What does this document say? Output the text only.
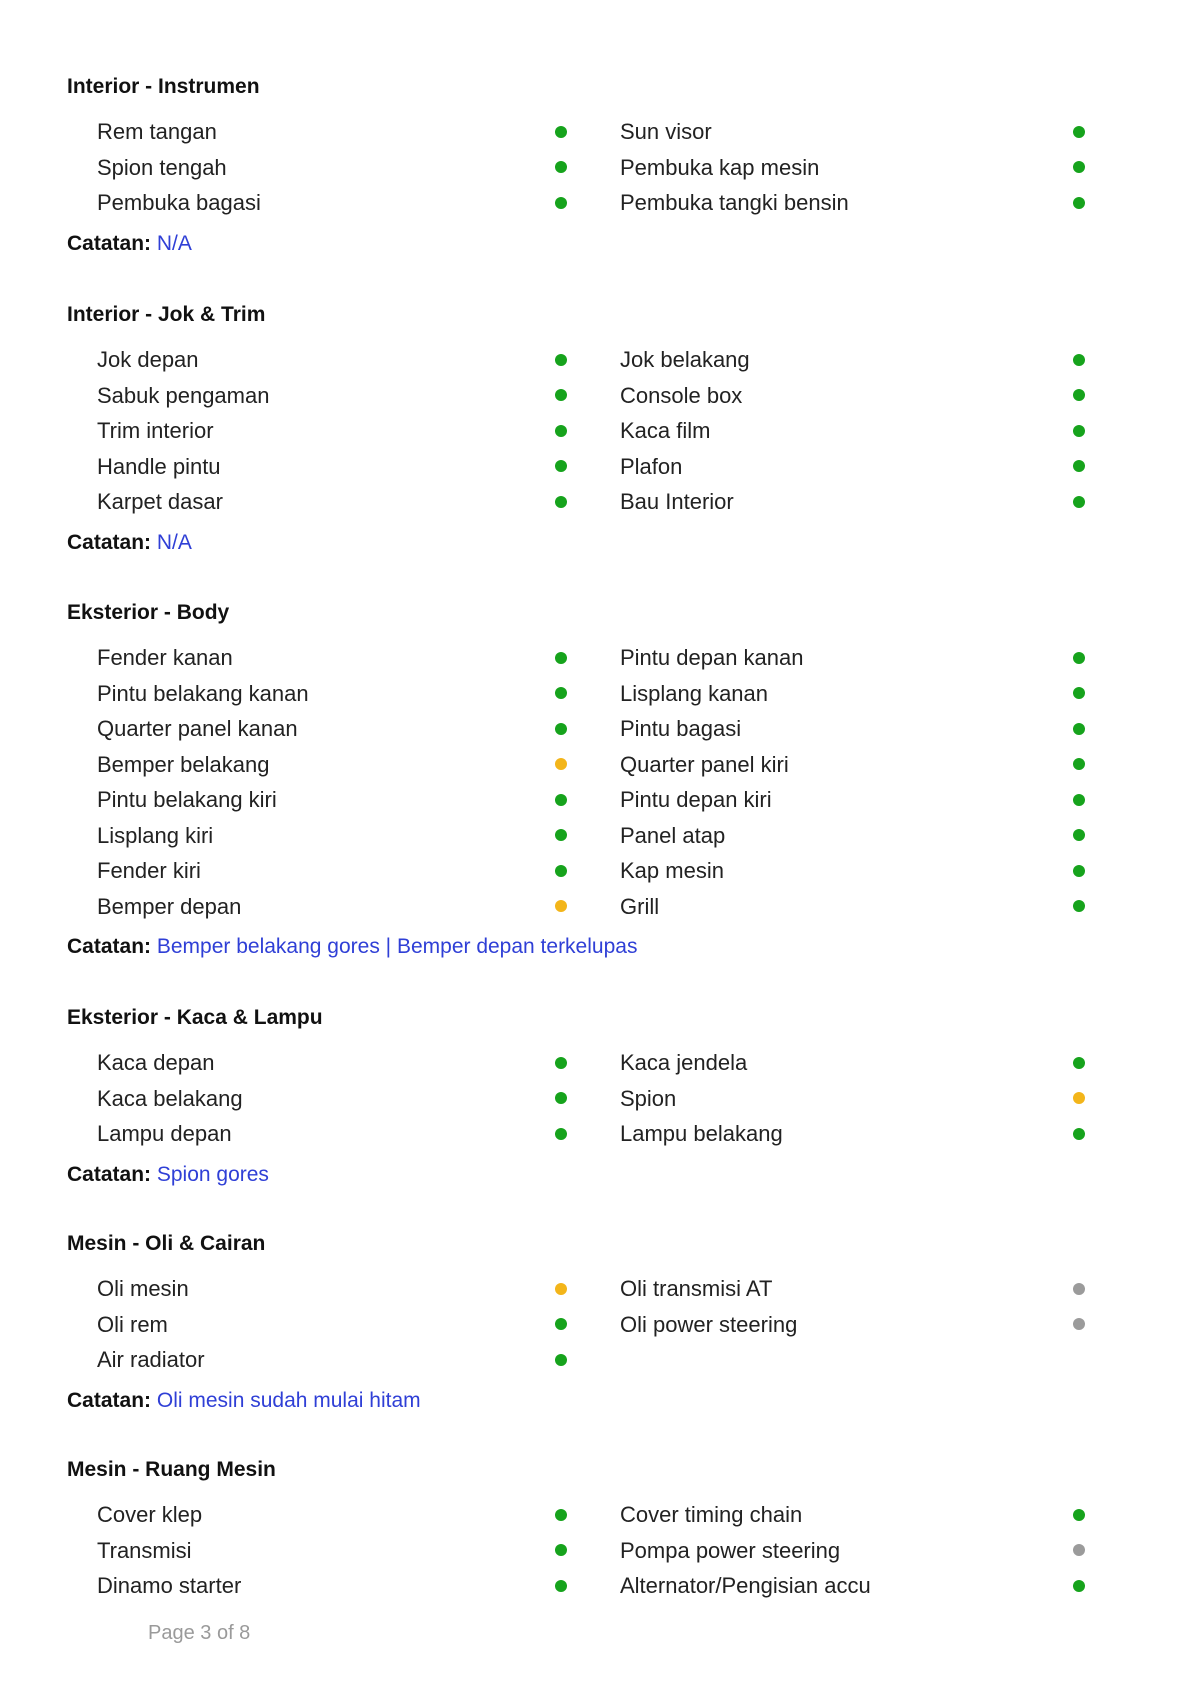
Interior - Instrumen
Rem tangan	Sun visor
Spion tengah	Pembuka kap mesin
Pembuka bagasi	Pembuka tangki bensin
Catatan: N/A
Interior - Jok & Trim
Jok depan	Jok belakang
Sabuk pengaman	Console box
Trim interior	Kaca film
Handle pintu	Plafon
Karpet dasar	Bau Interior
Catatan: N/A
Eksterior - Body
Fender kanan	Pintu depan kanan
Pintu belakang kanan	Lisplang kanan
Quarter panel kanan	Pintu bagasi
Bemper belakang	Quarter panel kiri
Pintu belakang kiri	Pintu depan kiri
Lisplang kiri	Panel atap
Fender kiri	Kap mesin
Bemper depan	Grill
Catatan: Bemper belakang gores | Bemper depan terkelupas
Eksterior - Kaca & Lampu
Kaca depan	Kaca jendela
Kaca belakang	Spion
Lampu depan	Lampu belakang
Catatan: Spion gores
Mesin - Oli & Cairan
Oli mesin	Oli transmisi AT
Oli rem	Oli power steering
Air radiator
Catatan: Oli mesin sudah mulai hitam
Mesin - Ruang Mesin
Cover klep	Cover timing chain
Transmisi	Pompa power steering
Dinamo starter	Alternator/Pengisian accu
Page 3 of 8
